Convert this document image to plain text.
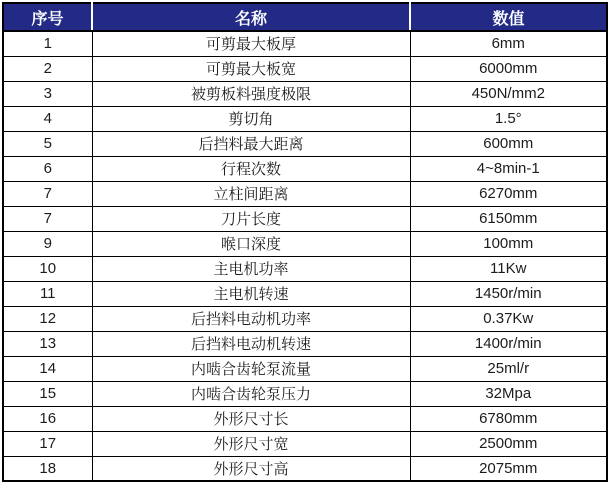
序号	名称	数值
1	可剪最大板厚	6mm
2	可剪最大板宽	6000mm
3	被剪板料强度极限	450N/mm2
4	剪切角	1.5°
5	后挡料最大距离	600mm
6	行程次数	4~8min-1
7	立柱间距离	6270mm
7	刀片长度	6150mm
9	喉口深度	100mm
10	主电机功率	11Kw
11	主电机转速	1450r/min
12	后挡料电动机功率	0.37Kw
13	后挡料电动机转速	1400r/min
14	内啮合齿轮泵流量	25ml/r
15	内啮合齿轮泵压力	32Mpa
16	外形尺寸长	6780mm
17	外形尺寸宽	2500mm
18	外形尺寸高	2075mm
